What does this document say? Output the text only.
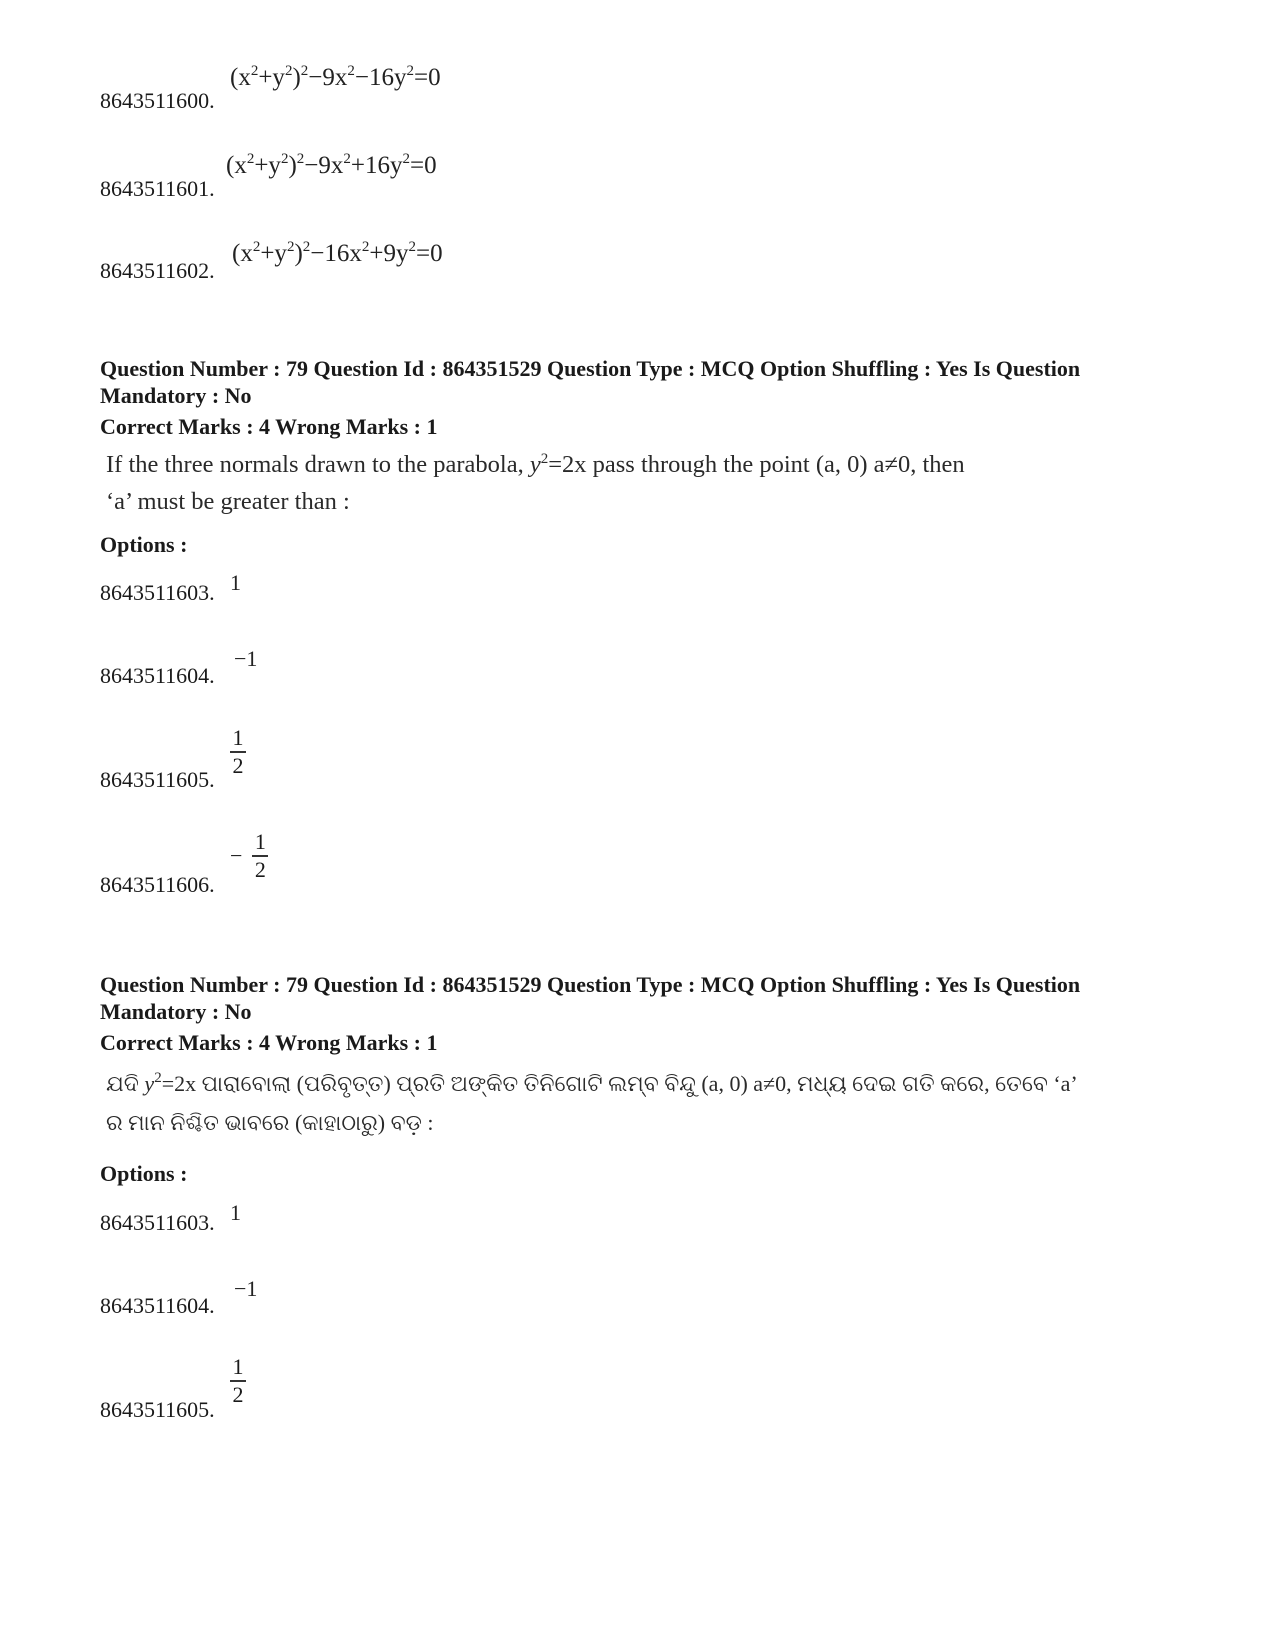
8643511600.
$(x^2+y^2)^2-9x^2-16y^2=0$
8643511601.
$(x^2+y^2)^2-9x^2+16y^2=0$
8643511602.
$(x^2+y^2)^2-16x^2+9y^2=0$
Question Number : 79 Question Id : 864351529 Question Type : MCQ Option Shuffling : Yes Is Question
Mandatory : No
Correct Marks : 4 Wrong Marks : 1
If the three normals drawn to the parabola, $y^2=2x$ pass through the point (a, 0) a≠0, then
‘a’ must be greater than :
Options :
8643511603. 1
8643511604.
−1
8643511605.
1
2
8643511606.
− $\frac{1}{2}$
Question Number : 79 Question Id : 864351529 Question Type : MCQ Option Shuffling : Yes Is Question
Mandatory : No
Correct Marks : 4 Wrong Marks : 1
ଯଦି $y^2=2x$ ପାରାବୋଲା (ପରିବୃତ୍ତ) ପ୍ରତି ଅଙ୍କିତ ତିନିଗୋଟି ଲମ୍ବ ବିନ୍ଦୁ (a, 0) a≠0, ମଧ୍ୟ ଦେଇ ଗତି କରେ, ତେବେ ‘a’
ର ମାନ ନିଶ୍ଚିତ ଭାବରେ (କାହାଠାରୁ) ବଡ଼ :
Options :
8643511603. 1
8643511604.
−1
8643511605.
1
2
